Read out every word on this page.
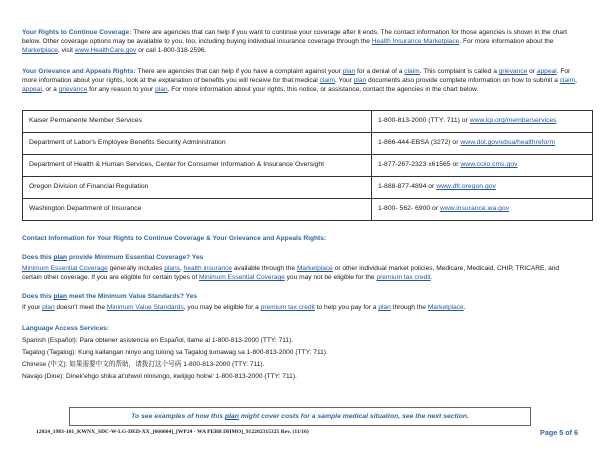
Your Rights to Continue Coverage: There are agencies that can help if you want to continue your coverage after it ends. The contact information for those agencies is shown in the chart below. Other coverage options may be available to you, too, including buying individual insurance coverage through the Health Insurance Marketplace. For more information about the Marketplace, visit www.HealthCare.gov or call 1-800-318-2596.

Your Grievance and Appeals Rights: There are agencies that can help if you have a complaint against your plan for a denial of a claim. This complaint is called a grievance or appeal. For more information about your rights, look at the explanation of benefits you will receive for that medical claim. Your plan documents also provide complete information on how to submit a claim, appeal, or a grievance for any reason to your plan. For more information about your rights, this notice, or assistance, contact the agencies in the chart below.

Kaiser Permanente Member Services	1-800-813-2000 (TTY: 711) or www.kp.org/memberservices
Department of Labor's Employee Benefits Security Administration	1-866-444-EBSA (3272) or www.dol.gov/ebsa/healthreform
Department of Health & Human Services, Center for Consumer Information & Insurance Oversight	1-877-267-2323 x61565 or www.cciio.cms.gov
Oregon Division of Financial Regulation	1-888-877-4894 or www.dfr.oregon.gov
Washington Department of Insurance	1-800- 562- 6900 or www.insurance.wa.gov

Contact Information for Your Rights to Continue Coverage & Your Grievance and Appeals Rights:

Does this plan provide Minimum Essential Coverage? Yes

Minimum Essential Coverage generally includes plans, health insurance available through the Marketplace or other individual market policies, Medicare, Medicaid, CHIP, TRICARE, and certain other coverage. If you are eligible for certain types of Minimum Essential Coverage you may not be eligible for the premium tax credit.

Does this plan meet the Minimum Value Standards? Yes

If your plan doesn't meet the Minimum Value Standards, you may be eligible for a premium tax credit to help you pay for a plan through the Marketplace.

Language Access Services:

Spanish (Español): Para obtener asistencia en Español, llame al 1-800-813-2000 (TTY: 711).

Tagalog (Tagalog): Kung kailangan ninyo ang tulong sa Tagalog tumawag sa 1-800-813-2000 (TTY: 711).

Chinese (中文): 如果需要中文的帮助，请拨打这个号码 1-800-813-2000 (TTY: 711).

Navajo (Dine): Dinek'ehgo shika at'ohwol ninisingo, kwiijigo holne' 1-800-813-2000 (TTY: 711).

To see examples of how this plan might cover costs for a sample medical situation, see the next section.
12024_1983-101_KWNX_SDC-W-LG-DED-XX_[666604]_[WP24 - WA PEBB DHMO]_912202315325 Rev. (11/16)	Page 5 of 6
